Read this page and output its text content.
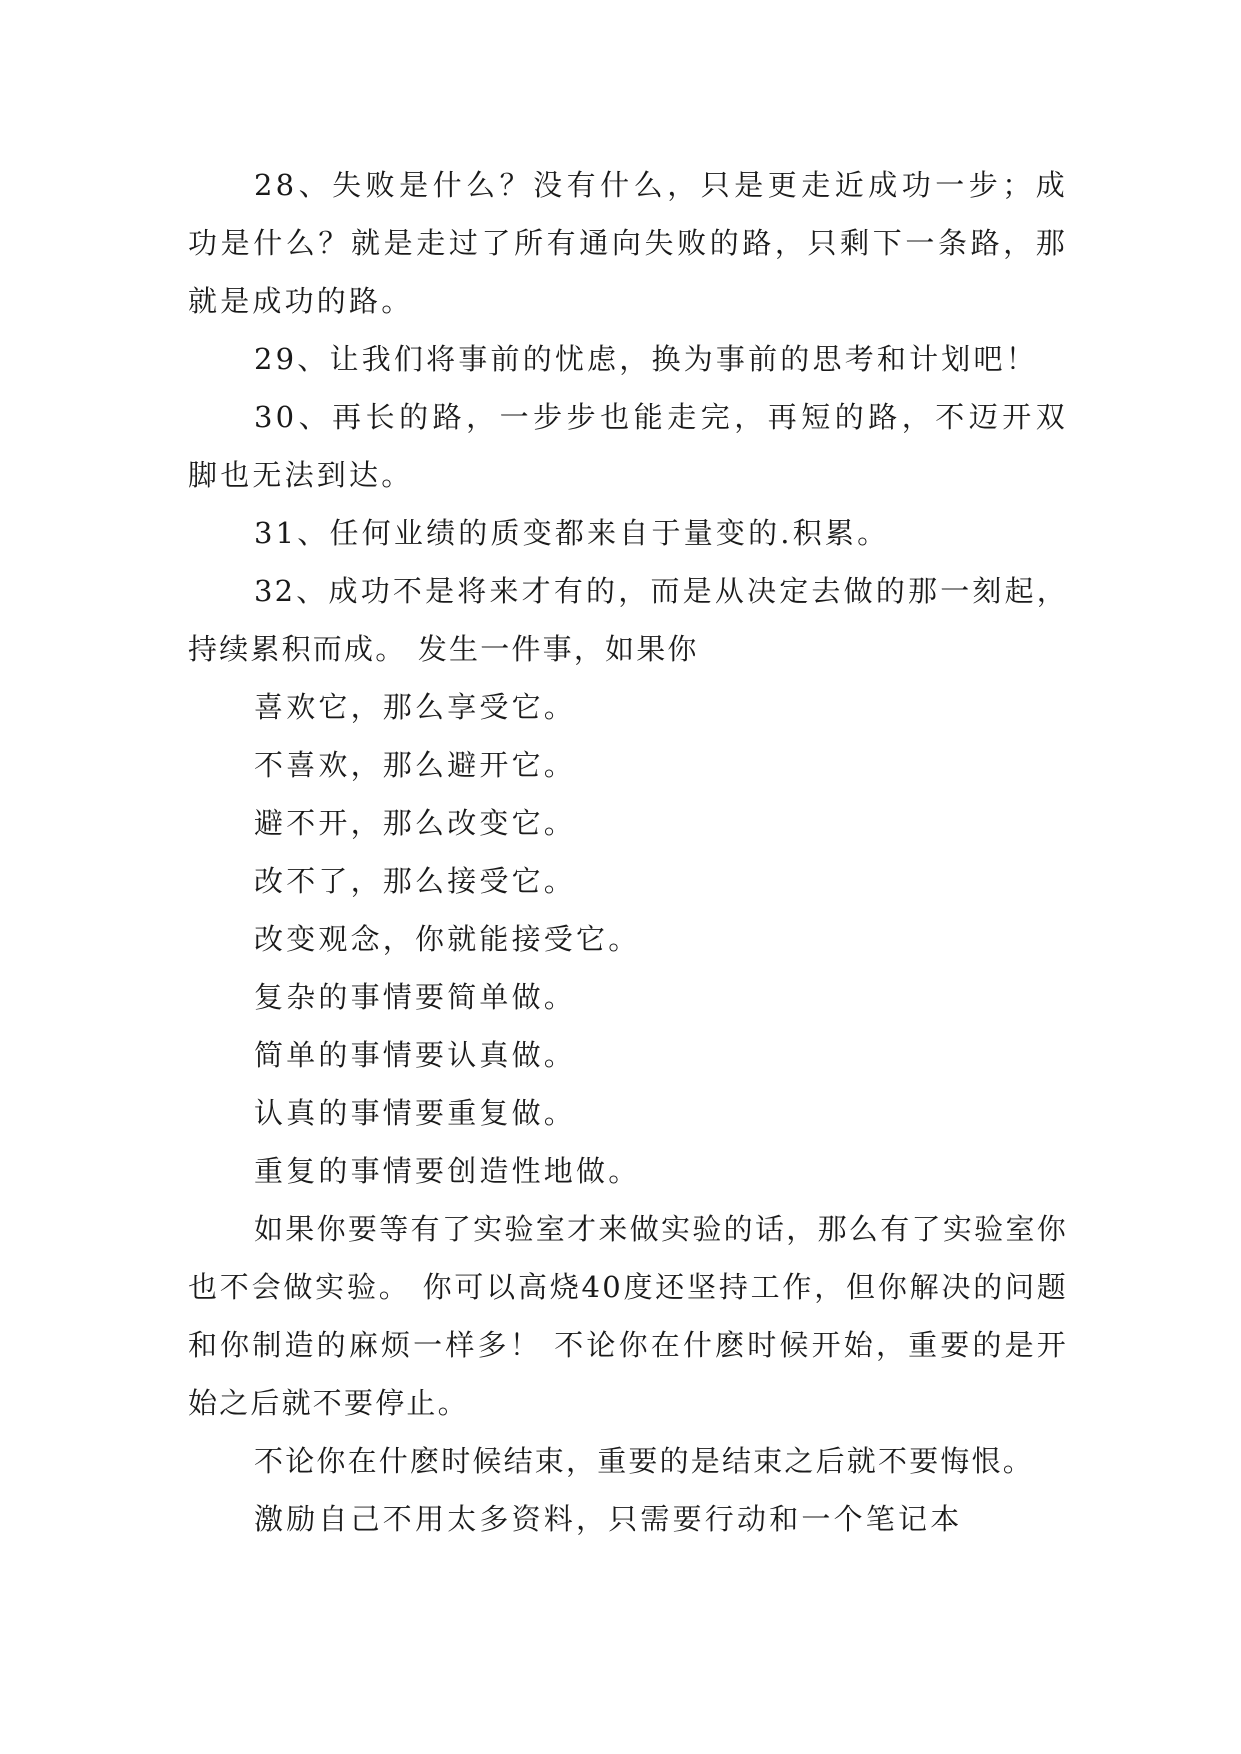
28、失败是什么？没有什么，只是更走近成功一步；成功是什么？就是走过了所有通向失败的路，只剩下一条路，那就是成功的路。

29、让我们将事前的忧虑，换为事前的思考和计划吧！

30、再长的路，一步步也能走完，再短的路，不迈开双脚也无法到达。

31、任何业绩的质变都来自于量变的.积累。

32、成功不是将来才有的，而是从决定去做的那一刻起，持续累积而成。 发生一件事，如果你

喜欢它，那么享受它。

不喜欢，那么避开它。

避不开，那么改变它。

改不了，那么接受它。

改变观念，你就能接受它。

复杂的事情要简单做。

简单的事情要认真做。

认真的事情要重复做。

重复的事情要创造性地做。

如果你要等有了实验室才来做实验的话，那么有了实验室你也不会做实验。 你可以高烧40度还坚持工作，但你解决的问题和你制造的麻烦一样多！ 不论你在什麽时候开始，重要的是开始之后就不要停止。

不论你在什麽时候结束，重要的是结束之后就不要悔恨。

激励自己不用太多资料，只需要行动和一个笔记本
